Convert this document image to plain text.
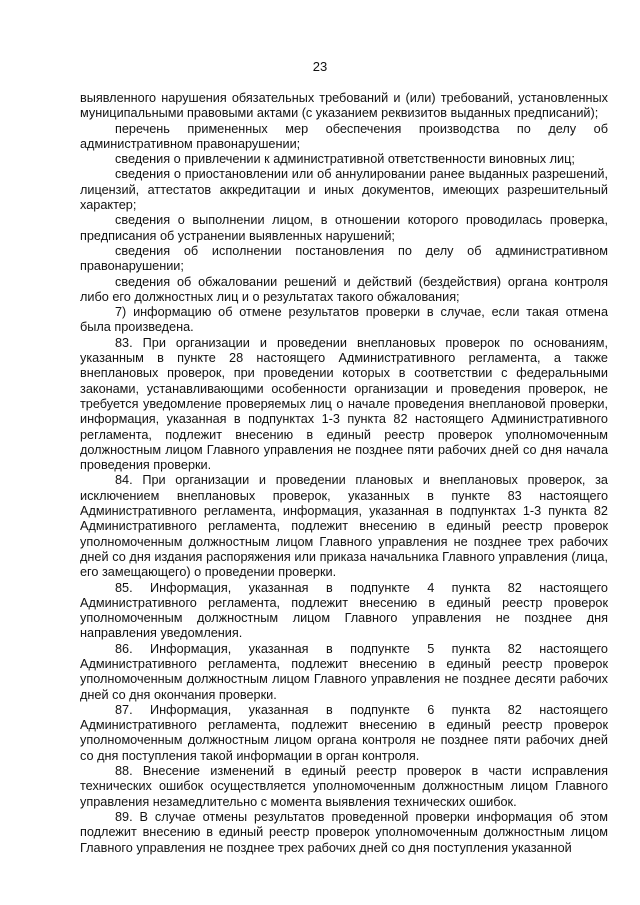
23

выявленного нарушения обязательных требований и (или) требований, установленных муниципальными правовыми актами (с указанием реквизитов выданных предписаний);

перечень примененных мер обеспечения производства по делу об административном правонарушении;

сведения о привлечении к административной ответственности виновных лиц;

сведения о приостановлении или об аннулировании ранее выданных разрешений, лицензий, аттестатов аккредитации и иных документов, имеющих разрешительный характер;

сведения о выполнении лицом, в отношении которого проводилась проверка, предписания об устранении выявленных нарушений;

сведения об исполнении постановления по делу об административном правонарушении;

сведения об обжаловании решений и действий (бездействия) органа контроля либо его должностных лиц и о результатах такого обжалования;

7) информацию об отмене результатов проверки в случае, если такая отмена была произведена.

83. При организации и проведении внеплановых проверок по основаниям, указанным в пункте 28 настоящего Административного регламента, а также внеплановых проверок, при проведении которых в соответствии с федеральными законами, устанавливающими особенности организации и проведения проверок, не требуется уведомление проверяемых лиц о начале проведения внеплановой проверки, информация, указанная в подпунктах 1-3 пункта 82 настоящего Административного регламента, подлежит внесению в единый реестр проверок уполномоченным должностным лицом Главного управления не позднее пяти рабочих дней со дня начала проведения проверки.

84. При организации и проведении плановых и внеплановых проверок, за исключением внеплановых проверок, указанных в пункте 83 настоящего Административного регламента, информация, указанная в подпунктах 1-3 пункта 82 Административного регламента, подлежит внесению в единый реестр проверок уполномоченным должностным лицом Главного управления не позднее трех рабочих дней со дня издания распоряжения или приказа начальника Главного управления (лица, его замещающего) о проведении проверки.

85. Информация, указанная в подпункте 4 пункта 82 настоящего Административного регламента, подлежит внесению в единый реестр проверок уполномоченным должностным лицом Главного управления не позднее дня направления уведомления.

86. Информация, указанная в подпункте 5 пункта 82 настоящего Административного регламента, подлежит внесению в единый реестр проверок уполномоченным должностным лицом Главного управления не позднее десяти рабочих дней со дня окончания проверки.

87. Информация, указанная в подпункте 6 пункта 82 настоящего Административного регламента, подлежит внесению в единый реестр проверок уполномоченным должностным лицом органа контроля не позднее пяти рабочих дней со дня поступления такой информации в орган контроля.

88. Внесение изменений в единый реестр проверок в части исправления технических ошибок осуществляется уполномоченным должностным лицом Главного управления незамедлительно с момента выявления технических ошибок.

89. В случае отмены результатов проведенной проверки информация об этом подлежит внесению в единый реестр проверок уполномоченным должностным лицом Главного управления не позднее трех рабочих дней со дня поступления указанной
